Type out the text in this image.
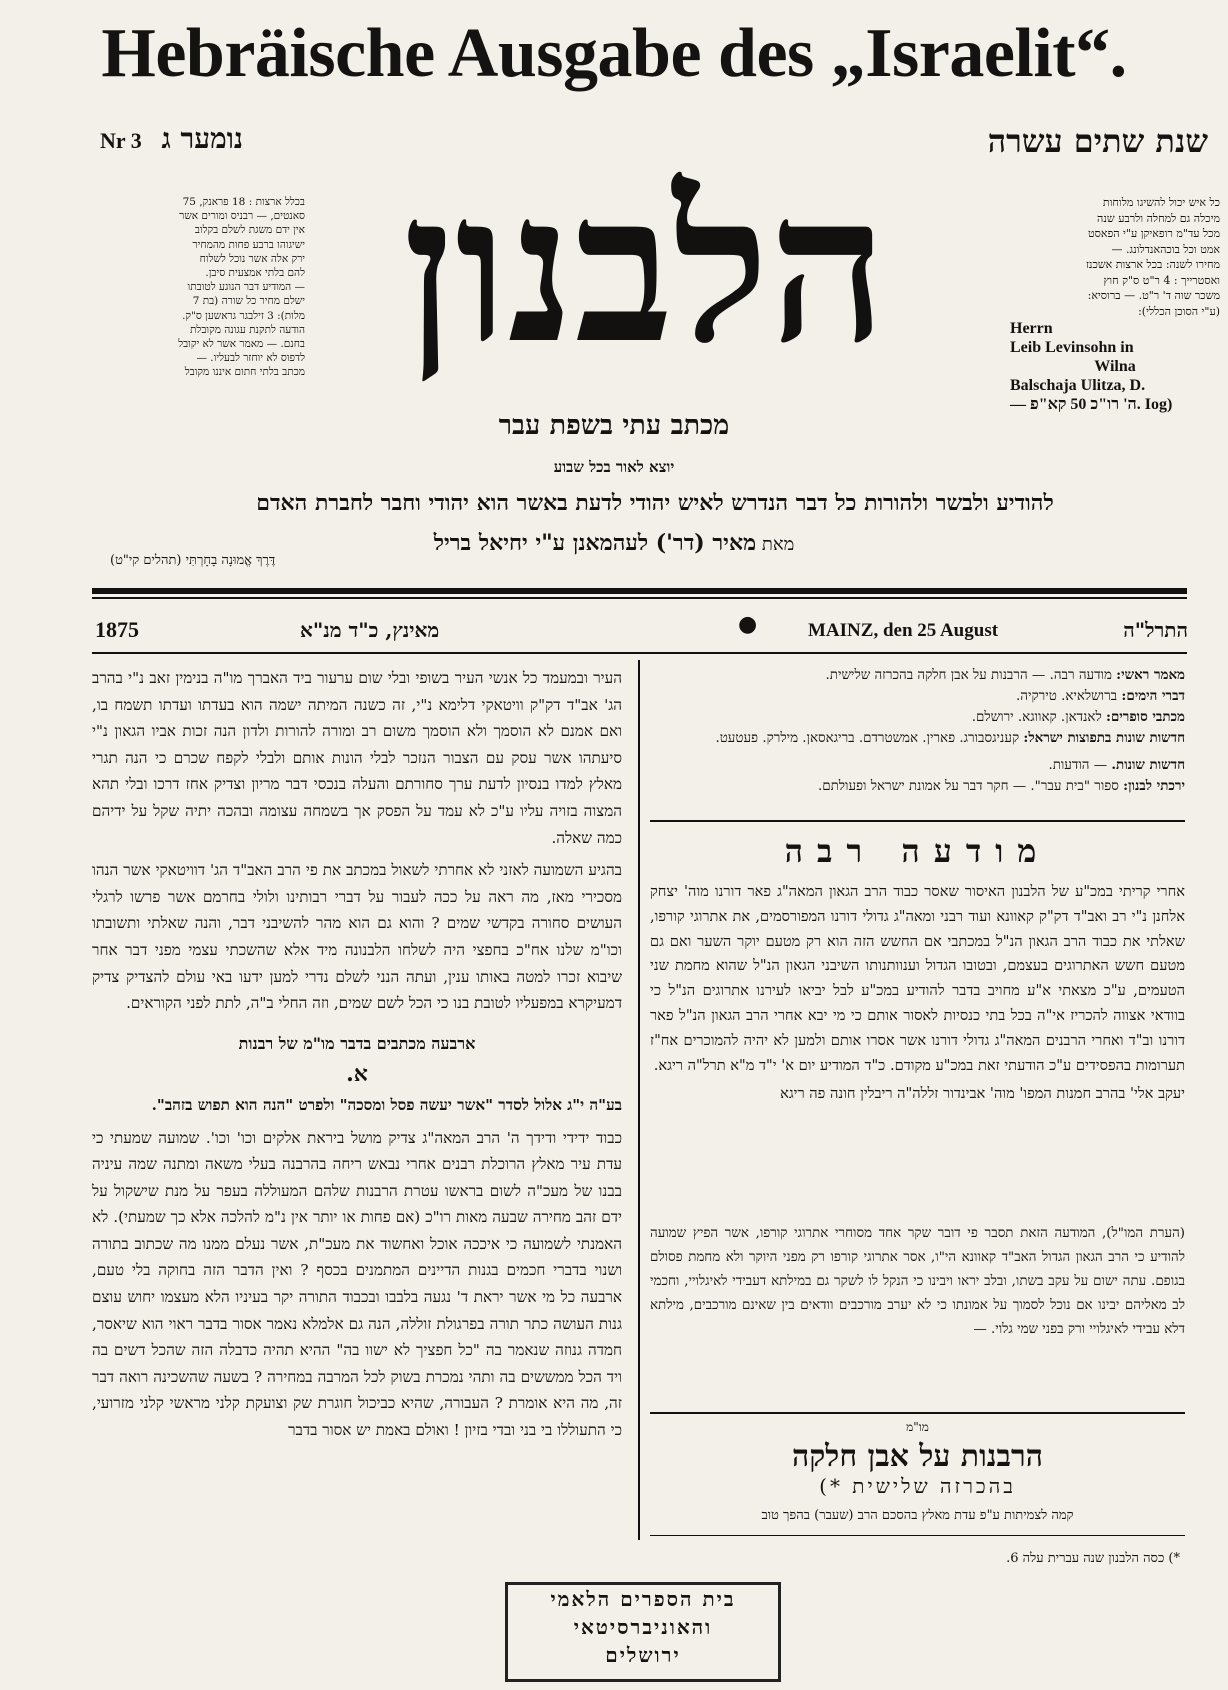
Hebräische Ausgabe des „Israelit“.
שנת שתים עשרה
Nr 3 נומער ג
הלבנון
בכלל ארצות : 18 פראנק, 75
סאנטים, — רבניס ומורים אשר
אין ידם משגת לשלם בקלוב
ישיגוהו ברבע פחות מהמחיר
ירק אלה אשר נוכל לשלוח
להם בלתי אמצעית סיבן.
— המודיע דבר הנוגע לטובתו
ישלם מחיר כל שורה (בת 7
מלות): 3 זילבגר גראשען ס"ק.
הודעה לתקנת עגונה מקובלת
בחנם. — מאמר אשר לא יקובל
לדפוס לא יוחזר לבעליו. —
מכתב בלתי חתום איננו מקובל
כל איש יכול להשיגו מלוחות
מיכלה גם למחלה ולרבע שנה
מכל עד"מ רופאיקן ע"י הפאסט
אמט וכל בוכהאנדלונג. —
מחירו לשנה: בכל ארצות אשכנז
ואסטרייך : 4 ר"ט ס"ק חוץ
משכר שוה ד' ר"ט. — ברוסיא:
(ע"י הסוכן הכללי):
Herrn
Leib Levinsohn in
Wilna
Balschaja Ulitza, D.
— ה' רו"כ 50 קא"פ. Iog)
מכתב עתי בשפת עבר
יוצא לאור בכל שבוע
להודיע ולבשר ולהורות כל דבר הנדרש לאיש יהודי לדעת באשר הוא יהודי וחבר לחברת האדם
מאת מאיר (דר') לעהמאנן ע"י יחיאל בריל
דֶּרֶךְ אֱמוּנָה בָחָרְתִּי (תהלים קי"ט)
התרל"ה
מאינץ, כ"ד מנ"א	●	MAINZ, den 25 August
1875

מאמר ראשי: מודעה רבה. — הרבנות על אבן חלקה בהכרזה שלישית.

דברי הימים: ברושלאיא. טירקיה.

מכתבי סופרים: לאנדאן. קאווגא. ירושלם.

חדשות שונות בתפוצות ישראל: קעניגסבורג. פארין. אמשטרדם. בריגאסאן. מילרק. פעטעט.

חדשות שונות. — הודעות.

ירכתי לבנון: ספור "בית עבר". — חקר דבר על אמונת ישראל ופעולתם.

מודעה רבה

אחרי קריתי במכ"ע של הלבנון האיסור שאסר כבוד הרב הגאון המאה"ג פאר דורנו מוה' יצחק אלחנן נ"י רב ואב"ד דק"ק קאוונא ועוד רבני ומאה"ג גדולי דורנו המפורסמים, את אתרוגי קורפו, שאלתי את כבוד הרב הגאון הנ"ל במכתבי אם החשש הזה הוא רק מטעם יוקר השער ואם גם מטעם חשש האתרוגים בעצמם, ובטובו הגדול וענוותנותו השיבני הגאון הנ"ל שהוא מחמת שני הטעמים, ע"כ מצאתי א"ע מחויב בדבר להודיע במכ"ע לבל יביאו לעירנו אתרוגים הנ"ל כי בוודאי אצווה להכריז אי"ה בכל בתי כנסיות לאסור אותם כי מי יבא אחרי הרב הגאון הנ"ל פאר דורנו וב"ד ואחרי הרבנים המאה"ג גדולי דורנו אשר אסרו אותם ולמען לא יהיה להמוכרים אח"ז תערומות בהפסידים ע"כ הודעתי זאת במכ"ע מקודם. כ"ד המודיע יום א' י"ד מ"א תרל"ה ריגא.

יעקב אלי' בהרב חמנות המפו' מוה' אבינדור זללה"ה ריבלין חונה פה ריגא

(הערת המו"ל), המודעה הזאת תסבר פי דובר שקר אחד מסוחרי אתרוגי קורפו, אשר הפיץ שמועה להודיע כי הרב הגאון הגדול האב"ד קאוונא הי"ו, אסר אתרוגי קורפו רק מפני היוקר ולא מחמת פסולם בגופם. עתה ישום על עקב בשתו, ובלב יראו ויבינו כי הנקל לו לשקר גם במילתא דעבידי לאיגלויי, וחכמי לב מאליהם יבינו אם נוכל לסמוך על אמונתו כי לא יערב מורכבים וודאים בין שאינם מורכבים, מילתא דלא עבידי לאיגלויי ורק בפני שמי גלוי. —
מו"מ
הרבנות על אבן חלקה
בהכרזה שלישית *)
קמה לצמיתות ע"פ עדת מאלץ בהסכם הרב (שעבר) בהפך טוב
*) כסה הלבנון שנה עברית עלה 6.

העיר ובמעמד כל אנשי העיר בשופי ובלי שום ערעור ביד האברך מו"ה בנימין זאב נ"י בהרב הג' אב"ד דק"ק וויטאקי דלימא נ"י, זה כשנה המיתה ישמה הוא בעדתו ועדתו תשמח בו, ואם אמנם לא הוסמך ולא הוסמך משום רב ומורה להורות ולדון הנה זכות אביו הגאון נ"י סיעתהו אשר עסק עם הצבור הנזכר לבלי הונות אותם ולבלי לקפח שכרם כי הנה תגרי מאלץ למדו בנסיון לדעת ערך סחורתם והעלה בנכסי דבר מריון וצדיק אחז דרכו ובלי תהא המצוה בזויה עליו ע"כ לא עמד על הפסק אך בשמחה עצומה ובהכה יתיה שקל על ידיהם כמה שאלה.

בהגיע השמועה לאזני לא אחרתי לשאול במכתב את פי הרב האב"ד הג' דוויטאקי אשר הנהו מסכירי מאז, מה ראה על ככה לעבור על דברי רבותינו ולולי בחרמם אשר פרשו לרגלי העושים סחורה בקדשי שמים ? והוא גם הוא מהר להשיבני דבר, והנה שאלתי ותשובתו וכו"מ שלנו אח"כ בחפצי היה לשלחו הלבנונה מיד אלא שהשכתי עצמי מפני דבר אחר שיבוא זכרו למטה באותו ענין, ועתה הנני לשלם נדרי למען ידעו באי עולם להצדיק צדיק דמעיקרא במפעליו לטובת בנו כי הכל לשם שמים, וזה החלי ב"ה, לתת לפני הקוראים.

ארבעה מכתבים בדבר מו"מ של רבנות
א.

בע"ה י"ג אלול לסדר "אשר יעשה פסל ומסכה" ולפרט "הנה הוא תפוש בזהב".

כבוד ידידי ודידך ה' הרב המאה"ג צדיק מושל ביראת אלקים וכו' וכו'. שמועה שמעתי כי עדת עיר מאלץ הרוכלת רבנים אחרי נבאש ריחה בהרבנה בעלי משאה ומתנה שמה עיניה בבנו של מעכ"ה לשום בראשו עטרת הרבנות שלהם המעוללה בעפר על מנת שישקול על ידם זהב מחירה שבעה מאות רו"כ (אם פחות או יותר אין נ"מ להלכה אלא כך שמעתי). לא האמנתי לשמועה כי איככה אוכל ואחשוד את מעכ"ת, אשר נעלם ממנו מה שכתוב בתורה ושנוי בדברי חכמים בגנות הדיינים המתמנים בכסף ? ואין הדבר הזה בחוקה בלי טעם, ארבעה כל מי אשר יראת ד' נגעה בלבבו ובכבוד התורה יקר בעיניו הלא מעצמו יחוש עוצם גנות העושה כתר תורה בפרגולת זוללה, הנה גם אלמלא נאמר אסור בדבר ראוי הוא שיאסר, חמדה גנוזה שנאמר בה "כל חפציך לא ישוו בה" ההיא תהיה כדבלה הזה שהכל דשים בה ויד הכל ממששים בה ותהי נמכרת בשוק לכל המרבה במחירה ? בשעה שהשכינה רואה דבר זה, מה היא אומרת ? העבורה, שהיא כביכול חוגרת שק וצועקת קלני מראשי קלני מזרועי, כי התעוללו בי בני ובדי בזיון ! ואולם באמת יש אסור בדבר

בית הספרים הלאמי
והאוניברסיטאי
ירושלים
